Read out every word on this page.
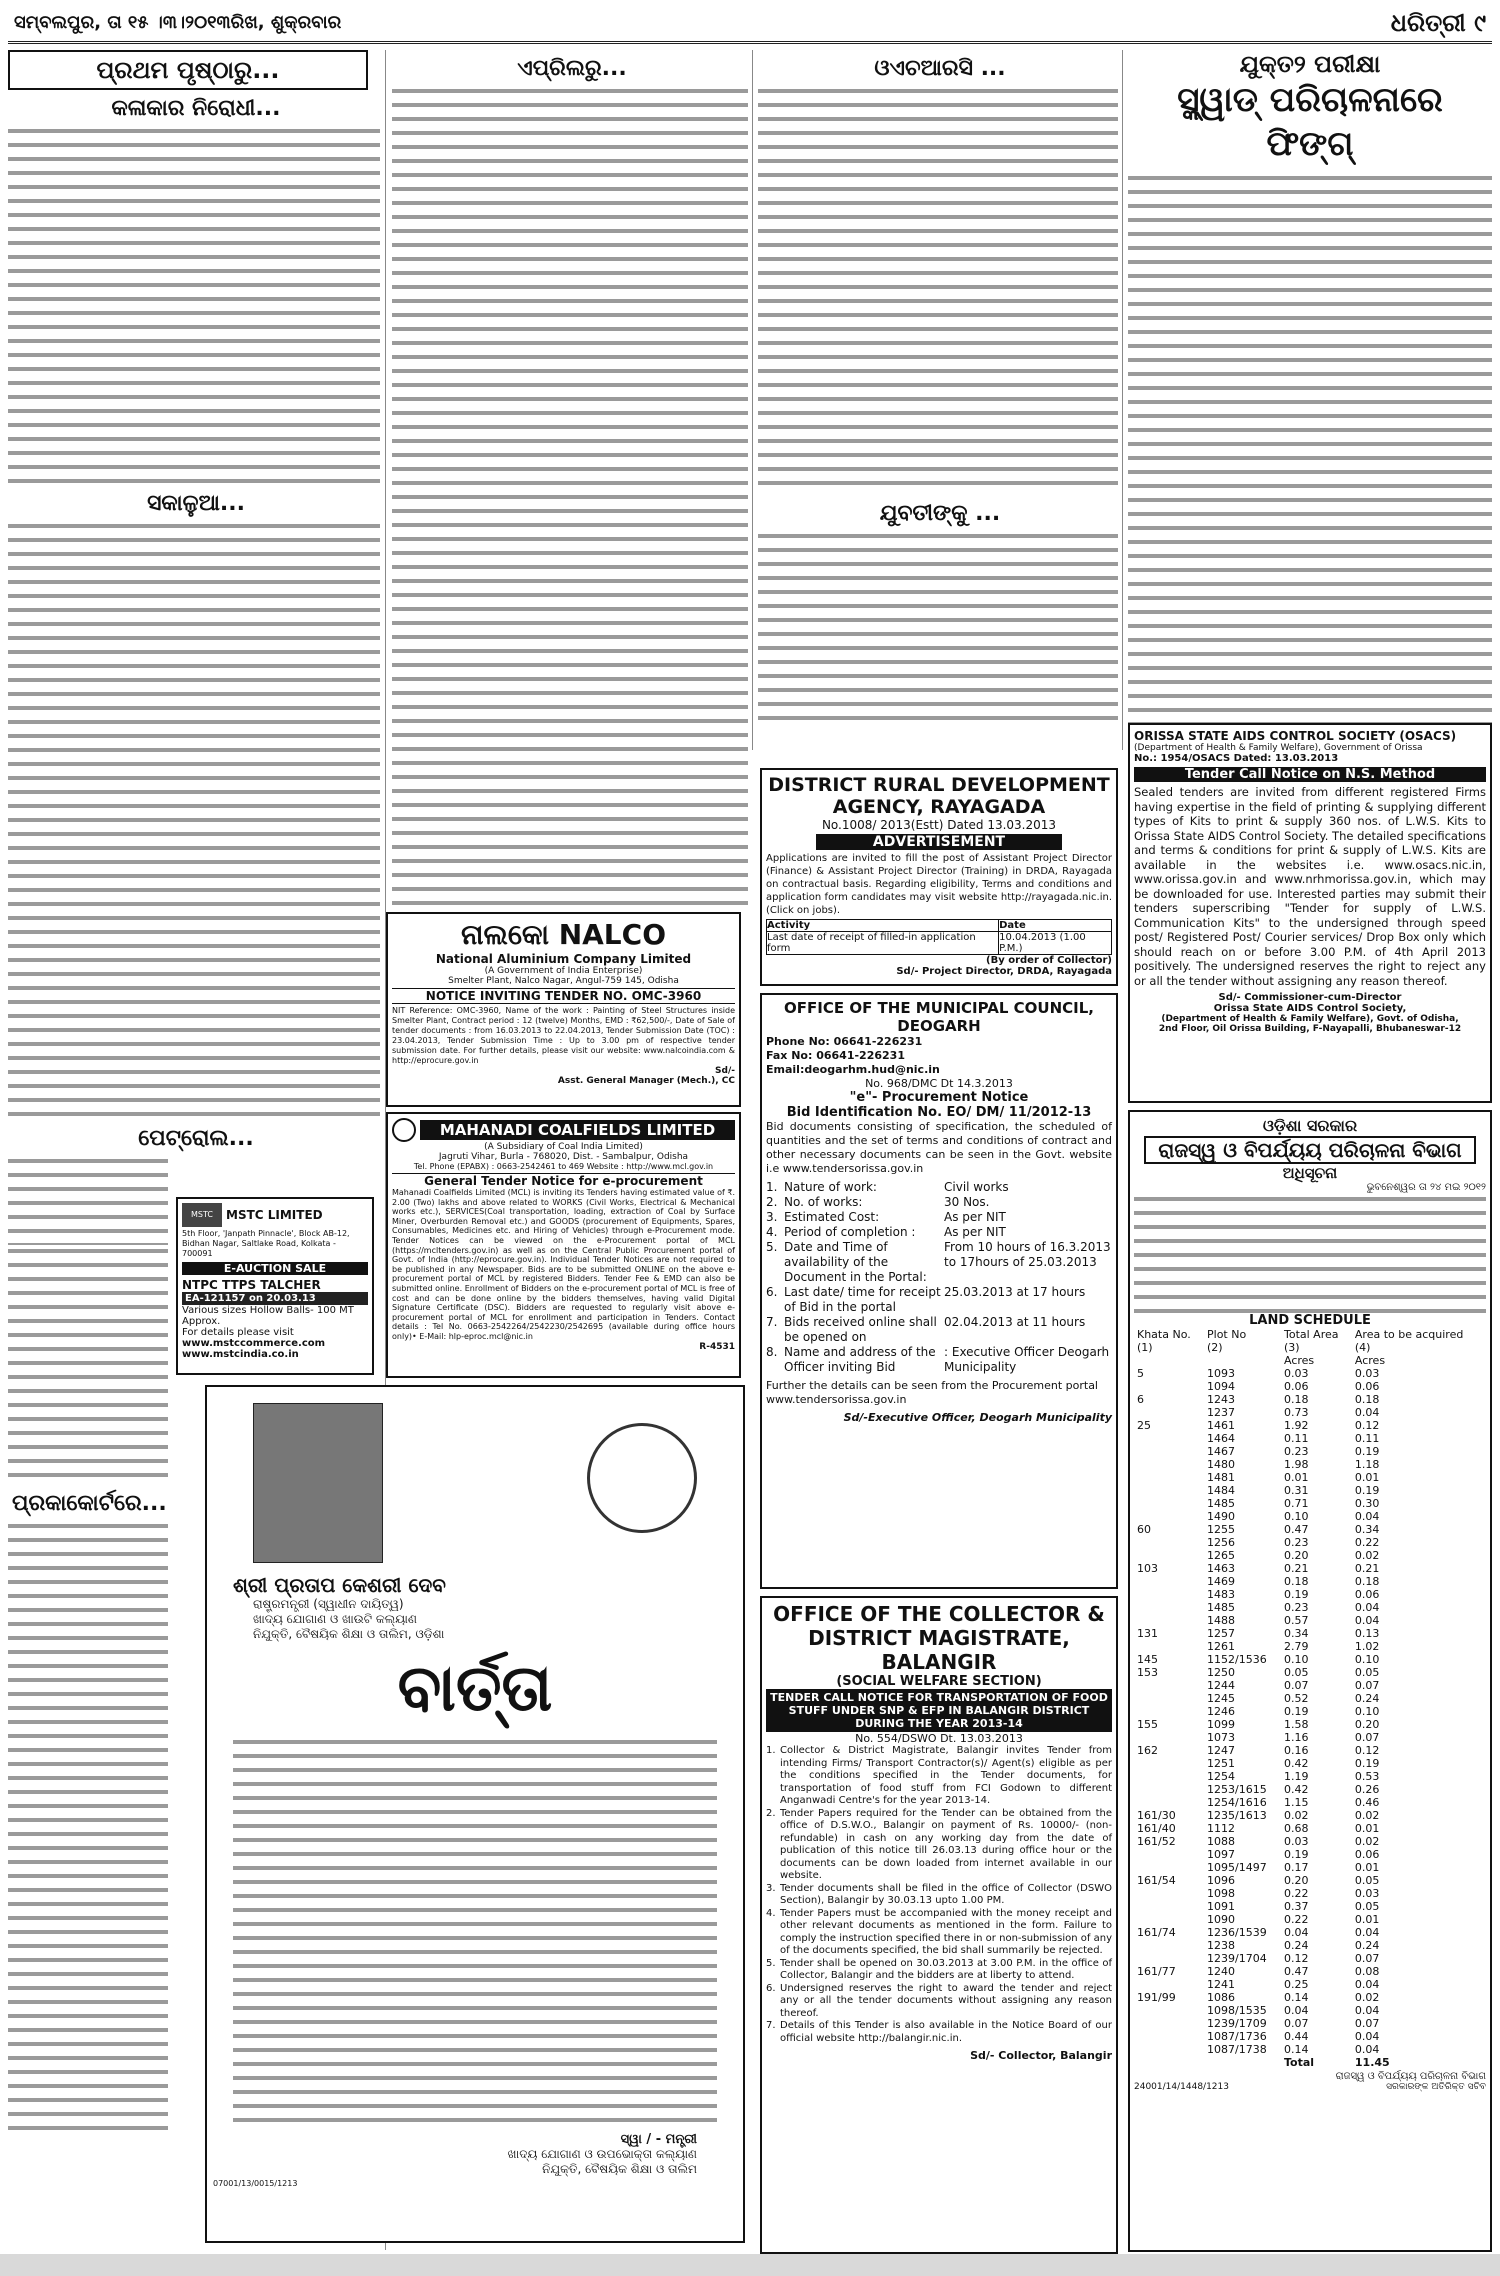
ସମ୍ବଲପୁର, ତା ୧୫ ।୩।୨୦୧୩ରିଖ, ଶୁକ୍ରବାର	ଧରିତ୍ରୀ ୯
ପ୍ରଥମ ପୃଷ୍ଠାରୁ...
କଳାକାର ନିରୋଧୀ...
ସକାଳୁଆ...
ପେଟ୍ରୋଲ...
ପ୍ରକାକୋର୍ଟରେ...
MSTC	MSTC LIMITED
5th Floor, 'Janpath Pinnacle', Block AB-12, Bidhan Nagar, Saltlake Road, Kolkata - 700091
E-AUCTION SALE
NTPC TTPS TALCHER
EA-121157 on 20.03.13
Various sizes Hollow Balls- 100 MT Approx.
For details please visit
www.mstccommerce.com
www.mstcindia.co.in
ଏପ୍ରିଲରୁ...	ଓଏଚଆରସି ...
ଯୁବତୀଙ୍କୁ ...
ଯୁକ୍ତ୨ ପରୀକ୍ଷା
ସ୍କ୍ୱାଡ୍ ପରିଚାଳନାରେ ଫିଙ୍ଗ୍
ନାଲକୋ NALCO
National Aluminium Company Limited
(A Government of India Enterprise)
Smelter Plant, Nalco Nagar, Angul-759 145, Odisha
NOTICE INVITING TENDER NO. OMC-3960
NIT Reference: OMC-3960, Name of the work : Painting of Steel Structures inside Smelter Plant, Contract period : 12 (twelve) Months, EMD : ₹62,500/-, Date of Sale of tender documents : from 16.03.2013 to 22.04.2013, Tender Submission Date (TOC) : 23.04.2013, Tender Submission Time : Up to 3.00 pm of respective tender submission date. For further details, please visit our website: www.nalcoindia.com & http://eprocure.gov.in
Sd/-
Asst. General Manager (Mech.), CC
MAHANADI COALFIELDS LIMITED
(A Subsidiary of Coal India Limited)
Jagruti Vihar, Burla - 768020, Dist. - Sambalpur, Odisha
Tel. Phone (EPABX) : 0663-2542461 to 469 Website : http://www.mcl.gov.in
General Tender Notice for e-procurement
Mahanadi Coalfields Limited (MCL) is inviting its Tenders having estimated value of ₹. 2.00 (Two) lakhs and above related to WORKS (Civil Works, Electrical & Mechanical works etc.), SERVICES(Coal transportation, loading, extraction of Coal by Surface Miner, Overburden Removal etc.) and GOODS (procurement of Equipments, Spares, Consumables, Medicines etc. and Hiring of Vehicles) through e-Procurement mode. Tender Notices can be viewed on the e-Procurement portal of MCL (https://mcltenders.gov.in) as well as on the Central Public Procurement portal of Govt. of India (http://eprocure.gov.in). Individual Tender Notices are not required to be published in any Newspaper. Bids are to be submitted ONLINE on the above e-procurement portal of MCL by registered Bidders. Tender Fee & EMD can also be submitted online. Enrollment of Bidders on the e-procurement portal of MCL is free of cost and can be done online by the bidders themselves, having valid Digital Signature Certificate (DSC). Bidders are requested to regularly visit above e-procurement portal of MCL for enrollment and participation in Tenders. Contact details : Tel No. 0663-2542264/2542230/2542695 (available during office hours only)• E-Mail: hlp-eproc.mcl@nic.in
R-4531
ଶ୍ରୀ ପ୍ରତାପ କେଶରୀ ଦେବ
ରାଷ୍ଟ୍ରମନ୍ତ୍ରୀ (ସ୍ୱାଧୀନ ଦାୟିତ୍ୱ)
ଖାଦ୍ୟ ଯୋଗାଣ ଓ ଖାଉଟି କଲ୍ୟାଣ
ନିଯୁକ୍ତି, ବୈଷୟିକ ଶିକ୍ଷା ଓ ତାଲିମ, ଓଡ଼ିଶା
ବାର୍ତ୍ତା
ସ୍ୱା / - ମନ୍ତ୍ରୀ
ଖାଦ୍ୟ ଯୋଗାଣ ଓ ଉପଭୋକ୍ତା କଲ୍ୟାଣ
ନିଯୁକ୍ତି, ବୈଷୟିକ ଶିକ୍ଷା ଓ ତାଲିମ
07001/13/0015/1213
DISTRICT RURAL DEVELOPMENT AGENCY, RAYAGADA
No.1008/ 2013(Estt) Dated 13.03.2013
ADVERTISEMENT
Applications are invited to fill the post of Assistant Project Director (Finance) & Assistant Project Director (Training) in DRDA, Rayagada on contractual basis. Regarding eligibility, Terms and conditions and application form candidates may visit website http://rayagada.nic.in. (Click on jobs).
Activity	Date
Last date of receipt of filled-in application form	10.04.2013 (1.00 P.M.)
(By order of Collector)
Sd/- Project Director, DRDA, Rayagada
OFFICE OF THE MUNICIPAL COUNCIL, DEOGARH
Phone No: 06641-226231
Fax No: 06641-226231
Email:deogarhm.hud@nic.in
No. 968/DMC Dt 14.3.2013
"e"- Procurement Notice
Bid Identification No. EO/ DM/ 11/2012-13
Bid documents consisting of specification, the scheduled of quantities and the set of terms and conditions of contract and other necessary documents can be seen in the Govt. website i.e www.tendersorissa.gov.in
1. Nature of work:	Civil works
2. No. of works:	30 Nos.
3. Estimated Cost:	As per NIT
4. Period of completion :	As per NIT
5. Date and Time of availability of the Document in the Portal:
From 10 hours of 16.3.2013 to 17hours of 25.03.2013
6. Last date/ time for receipt of Bid in the portal
25.03.2013 at 17 hours
7. Bids received online shall be opened on
02.04.2013 at 11 hours
8. Name and address of the Officer inviting Bid
: Executive Officer Deogarh Municipality
Further the details can be seen from the Procurement portal www.tendersorissa.gov.in
Sd/-Executive Officer, Deogarh Municipality
OFFICE OF THE COLLECTOR & DISTRICT MAGISTRATE, BALANGIR
(SOCIAL WELFARE SECTION)
TENDER CALL NOTICE FOR TRANSPORTATION OF FOOD STUFF UNDER SNP & EFP IN BALANGIR DISTRICT DURING THE YEAR 2013-14
No. 554/DSWO Dt. 13.03.2013
1. Collector & District Magistrate, Balangir invites Tender from intending Firms/ Transport Contractor(s)/ Agent(s) eligible as per the conditions specified in the Tender documents, for transportation of food stuff from FCI Godown to different Anganwadi Centre's for the year 2013-14.
2. Tender Papers required for the Tender can be obtained from the office of D.S.W.O., Balangir on payment of Rs. 10000/- (non-refundable) in cash on any working day from the date of publication of this notice till 26.03.13 during office hour or the documents can be down loaded from internet available in our website.
3. Tender documents shall be filed in the office of Collector (DSWO Section), Balangir by 30.03.13 upto 1.00 PM.
4. Tender Papers must be accompanied with the money receipt and other relevant documents as mentioned in the form. Failure to comply the instruction specified there in or non-submission of any of the documents specified, the bid shall summarily be rejected.
5. Tender shall be opened on 30.03.2013 at 3.00 P.M. in the office of Collector, Balangir and the bidders are at liberty to attend.
6. Undersigned reserves the right to award the tender and reject any or all the tender documents without assigning any reason thereof.
7. Details of this Tender is also available in the Notice Board of our official website http://balangir.nic.in.
Sd/- Collector, Balangir
ORISSA STATE AIDS CONTROL SOCIETY (OSACS)
(Department of Health & Family Welfare), Government of Orissa
No.: 1954/OSACS Dated: 13.03.2013
Tender Call Notice on N.S. Method
Sealed tenders are invited from different registered Firms having expertise in the field of printing & supplying different types of Kits to print & supply 360 nos. of L.W.S. Kits to Orissa State AIDS Control Society. The detailed specifications and terms & conditions for print & supply of L.W.S. Kits are available in the websites i.e. www.osacs.nic.in, www.orissa.gov.in and www.nrhmorissa.gov.in, which may be downloaded for use. Interested parties may submit their tenders superscribing "Tender for supply of L.W.S. Communication Kits" to the undersigned through speed post/ Registered Post/ Courier services/ Drop Box only which should reach on or before 3.00 P.M. of 4th April 2013 positively. The undersigned reserves the right to reject any or all the tender without assigning any reason thereof.
Sd/- Commissioner-cum-Director
Orissa State AIDS Control Society,
(Department of Health & Family Welfare), Govt. of Odisha,
2nd Floor, Oil Orissa Building, F-Nayapalli, Bhubaneswar-12
ଓଡ଼ିଶା ସରକାର
ରାଜସ୍ୱ ଓ ବିପର୍ଯ୍ୟୟ ପରିଚାଳନା ବିଭାଗ
ଅଧିସୂଚନା
ଭୁବନେଶ୍ୱର ତା ୨୪ ମଇ ୨୦୧୨
LAND SCHEDULE
Khata No.	Plot No	Total Area	Area to be acquired
(1)	(2)	(3)	(4)
		Acres	Acres
5	1093	0.03	0.03
	1094	0.06	0.06
6	1243	0.18	0.18
	1237	0.73	0.04
25	1461	1.92	0.12
	1464	0.11	0.11
	1467	0.23	0.19
	1480	1.98	1.18
	1481	0.01	0.01
	1484	0.31	0.19
	1485	0.71	0.30
	1490	0.10	0.04
60	1255	0.47	0.34
	1256	0.23	0.22
	1265	0.20	0.02
103	1463	0.21	0.21
	1469	0.18	0.18
	1483	0.19	0.06
	1485	0.23	0.04
	1488	0.57	0.04
131	1257	0.34	0.13
	1261	2.79	1.02
145	1152/1536	0.10	0.10
153	1250	0.05	0.05
	1244	0.07	0.07
	1245	0.52	0.24
	1246	0.19	0.10
155	1099	1.58	0.20
	1073	1.16	0.07
162	1247	0.16	0.12
	1251	0.42	0.19
	1254	1.19	0.53
	1253/1615	0.42	0.26
	1254/1616	1.15	0.46
161/30	1235/1613	0.02	0.02
161/40	1112	0.68	0.01
161/52	1088	0.03	0.02
	1097	0.19	0.06
	1095/1497	0.17	0.01
161/54	1096	0.20	0.05
	1098	0.22	0.03
	1091	0.37	0.05
	1090	0.22	0.01
161/74	1236/1539	0.04	0.04
	1238	0.24	0.24
	1239/1704	0.12	0.07
161/77	1240	0.47	0.08
	1241	0.25	0.04
191/99	1086	0.14	0.02
	1098/1535	0.04	0.04
	1239/1709	0.07	0.07
	1087/1736	0.44	0.04
	1087/1738	0.14	0.04
		Total	11.45
ରାଜସ୍ୱ ଓ ବିପର୍ଯ୍ୟୟ ପରିଚାଳନା ବିଭାଗ
24001/14/1448/1213	ସରକାରଙ୍କ ଅତିରିକ୍ତ ସଚିବ
